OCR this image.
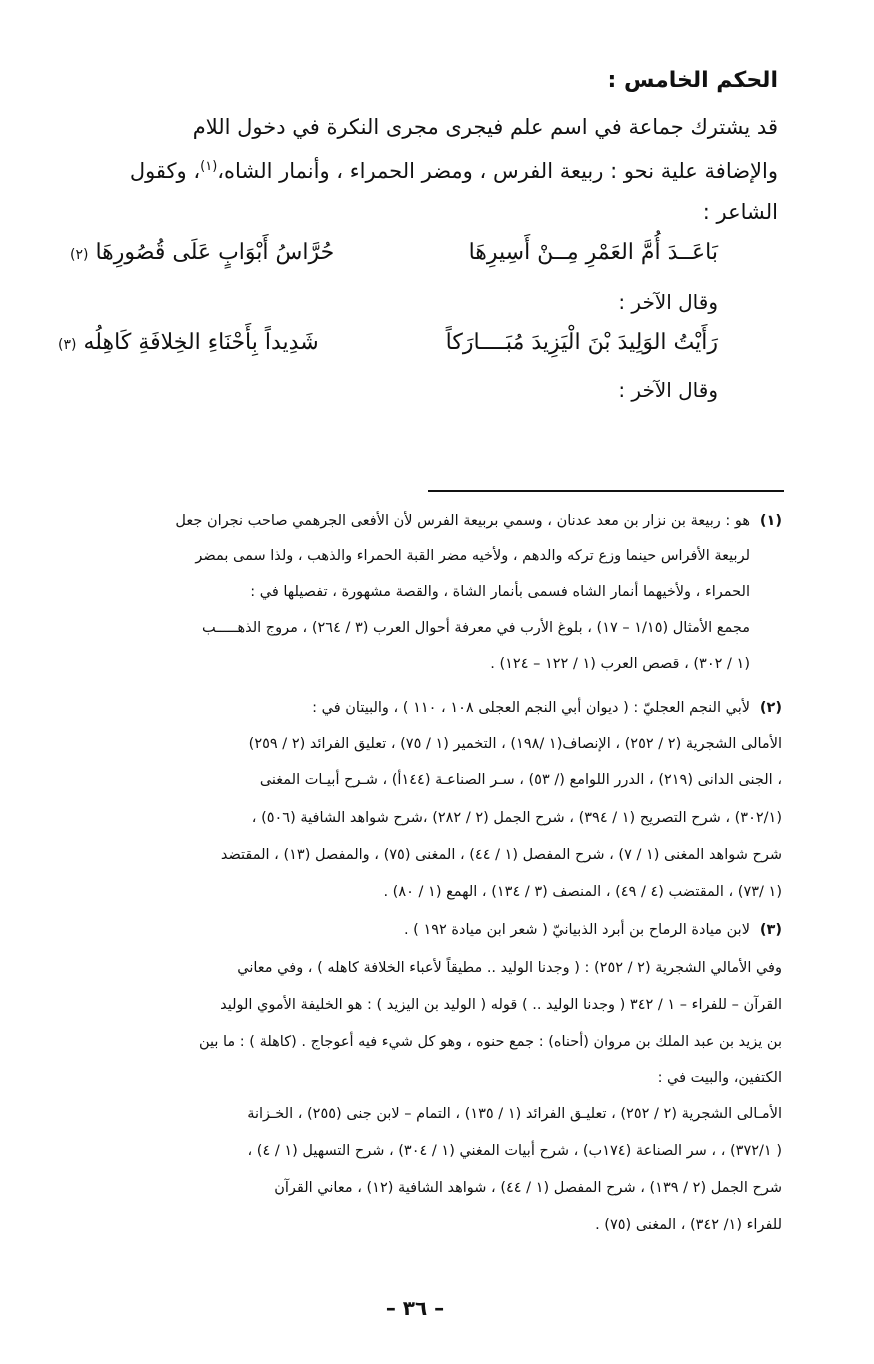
الحكم الخامس :
قد يشترك جماعة في اسم علم فيجرى مجرى النكرة في دخول اللام
والإضافة علية نحو : ربيعة الفرس ، ومضر الحمراء ، وأنمار الشاه،$^{(١)}$، وكقول
الشاعر :
بَاعَــدَ أُمَّ العَمْرِ مِــنْ أَسِيرِهَا
حُرَّاسُ أَبْوَابٍ عَلَى قُصُورِهَا (٢)
وقال الآخر :
رَأَيْتُ الوَلِيدَ بْنَ الْيَزِيدَ مُبَــــارَكاً
شَدِيداً بِأَحْنَاءِ الخِلافَةِ كَاهِلُه (٣)
وقال الآخر :
(١)
هو : ربيعة بن نزار بن معد عدنان ، وسمي بربيعة الفرس لأن الأفعى الجرهمي صاحب نجران جعل
لربيعة الأفراس حينما وزع تركه والدهم ، ولأخيه مضر القبة الحمراء والذهب ، ولذا سمى بمضر
الحمراء ، ولأخيهما أنمار الشاه فسمى بأنمار الشاة ، والقصة مشهورة ، تفصيلها في :
مجمع الأمثال (١/١٥ – ١٧) ، بلوغ الأرب في معرفة أحوال العرب (٣ / ٢٦٤) ، مروج الذهـــــب
(١ / ٣٠٢) ، قصص العرب (١ / ١٢٢ – ١٢٤) .
(٢)
لأبي النجم العجليّ : ( ديوان أبي النجم العجلى ١٠٨ ، ١١٠ ) ، والبيتان في :
الأمالى الشجرية (٢ / ٢٥٢) ، الإنصاف(١ /١٩٨) ، التخمير (١ / ٧٥) ، تعليق الفرائد (٢ / ٢٥٩)
، الجنى الدانى (٢١٩) ، الدرر اللوامع (/ ٥٣) ، سـر الصناعـة (١٤٤أ) ، شـرح أبيـات المغنى
(٣٠٢/١) ، شرح التصريح (١ / ٣٩٤) ، شرح الجمل (٢ / ٢٨٢) ،شرح شواهد الشافية (٥٠٦) ،
شرح شواهد المغنى (١ / ٧) ، شرح المفصل (١ / ٤٤) ، المغنى (٧٥) ، والمفصل (١٣) ، المقتضد
(١ /٧٣) ، المقتضب (٤ / ٤٩) ، المنصف (٣ / ١٣٤) ، الهمع (١ / ٨٠) .
(٣)
لابن ميادة الرماح بن أبرد الذبيانيّ ( شعر ابن ميادة ١٩٢ ) .
وفي الأمالي الشجرية (٢ / ٢٥٢) : ( وجدنا الوليد .. مطيقاً لأعباء الخلافة كاهله ) ، وفي معاني
القرآن – للفراء – ١ / ٣٤٢ ( وجدنا الوليد .. ) قوله ( الوليد بن اليزيد ) : هو الخليفة الأموي الوليد
بن يزيد بن عبد الملك بن مروان (أحناه) : جمع حنوه ، وهو كل شيء فيه أعوجاج . (كاهلة ) : ما بين
الكتفين، والبيت في :
الأمـالى الشجرية (٢ / ٢٥٢) ، تعليـق الفرائد (١ / ١٣٥) ، التمام – لابن جنى (٢٥٥) ، الخـزانة
( ٣٧٢/١) ، ، سر الصناعة (١٧٤ب) ، شرح أبيات المغني (١ / ٣٠٤) ، شرح التسهيل (١ / ٤) ،
شرح الجمل (٢ / ١٣٩) ، شرح المفصل (١ / ٤٤) ، شواهد الشافية (١٢) ، معاني القرآن
للفراء (١/ ٣٤٢) ، المغنى (٧٥) .
– ٣٦ –
